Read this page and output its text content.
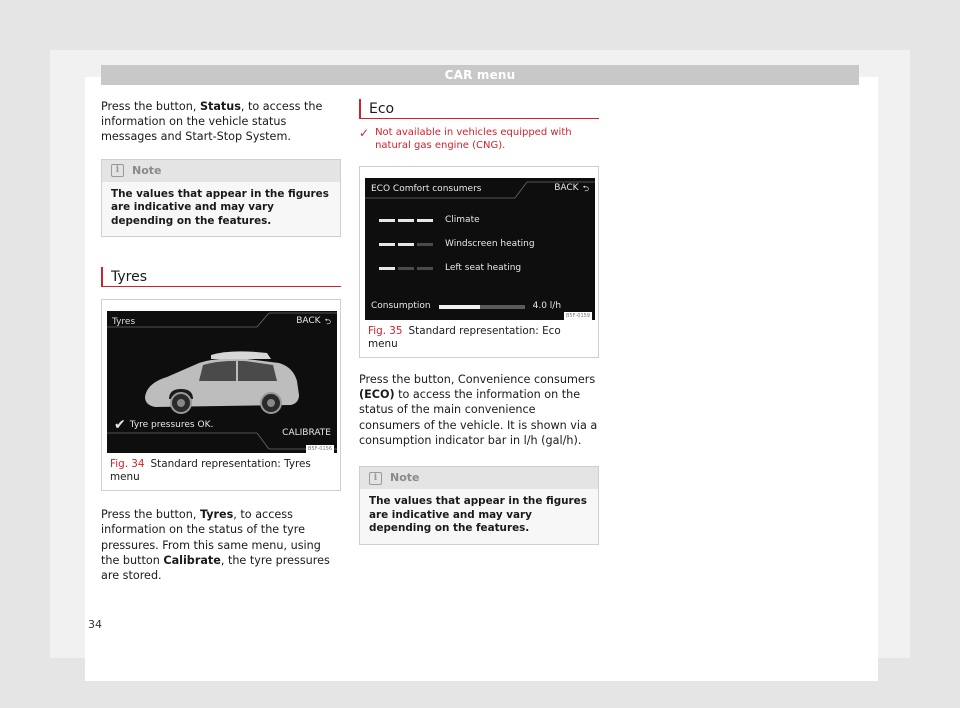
CAR menu

Press the button, Status, to access the information on the vehicle status messages and Start-Stop System.

i	Note
The values that appear in the figures are indicative and may vary depending on the features.
Tyres
Tyres	BACK ⮌
✔ Tyre pressures OK.
CALIBRATE
B5F-0156
Fig. 34 Standard representation: Tyres menu

Press the button, Tyres, to access information on the status of the tyre pressures. From this same menu, using the button Calibrate, the tyre pressures are stored.

Eco
✓ Not available in vehicles equipped with natural gas engine (CNG).
ECO Comfort consumers	BACK ⮌
Climate
Windscreen heating
Left seat heating
Consumption	4.0 l/h
B5F-0159
Fig. 35 Standard representation: Eco menu

Press the button, Convenience consumers (ECO) to access the information on the status of the main convenience consumers of the vehicle. It is shown via a consumption indicator bar in l/h (gal/h).

i	Note
The values that appear in the figures are indicative and may vary depending on the features.
34
